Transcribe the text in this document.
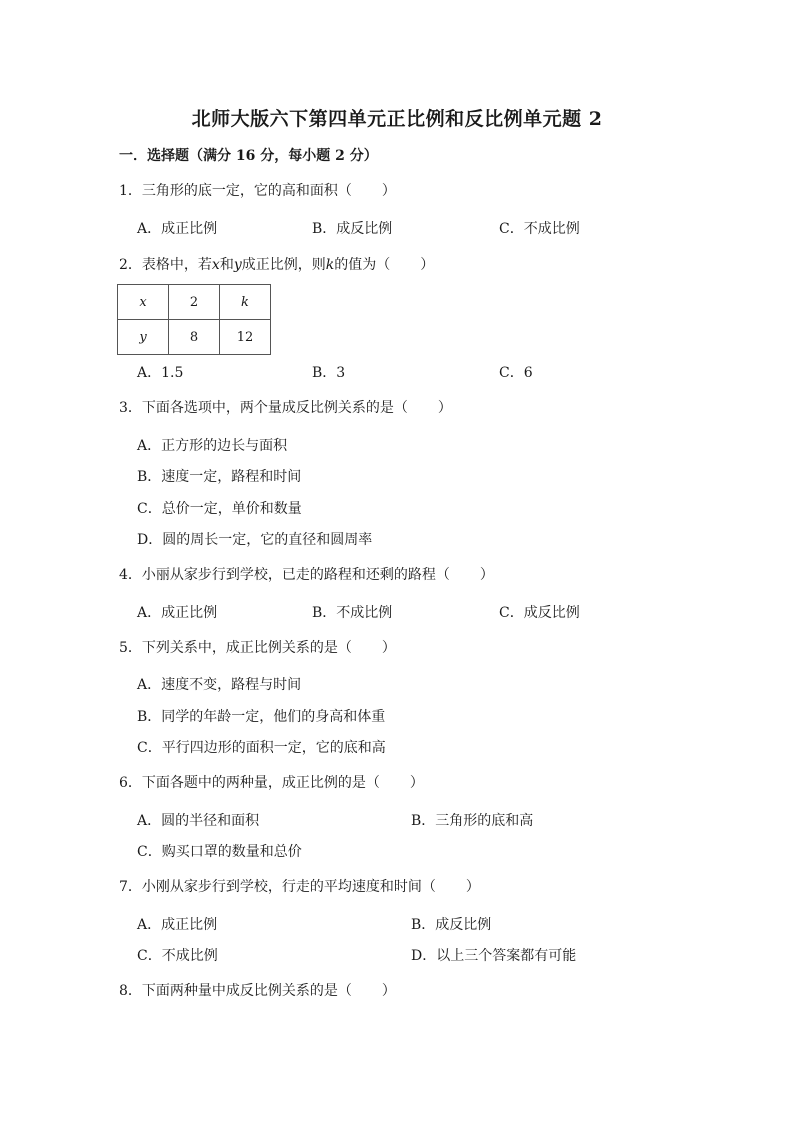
北师大版六下第四单元正比例和反比例单元题 2
一．选择题（满分 16 分，每小题 2 分）
1．三角形的底一定，它的高和面积（ ）
A．成正比例	B．成反比例	C．不成比例
2．表格中，若x和y成正比例，则k的值为（ ）
x	2	k
y	8	12
A．1.5	B．3	C．6
3．下面各选项中，两个量成反比例关系的是（ ）
A．正方形的边长与面积
B．速度一定，路程和时间
C．总价一定，单价和数量
D．圆的周长一定，它的直径和圆周率
4．小丽从家步行到学校，已走的路程和还剩的路程（ ）
A．成正比例	B．不成比例	C．成反比例
5．下列关系中，成正比例关系的是（ ）
A．速度不变，路程与时间
B．同学的年龄一定，他们的身高和体重
C．平行四边形的面积一定，它的底和高
6．下面各题中的两种量，成正比例的是（ ）
A．圆的半径和面积	B．三角形的底和高
C．购买口罩的数量和总价
7．小刚从家步行到学校，行走的平均速度和时间（ ）
A．成正比例	B．成反比例
C．不成比例	D．以上三个答案都有可能
8．下面两种量中成反比例关系的是（ ）
